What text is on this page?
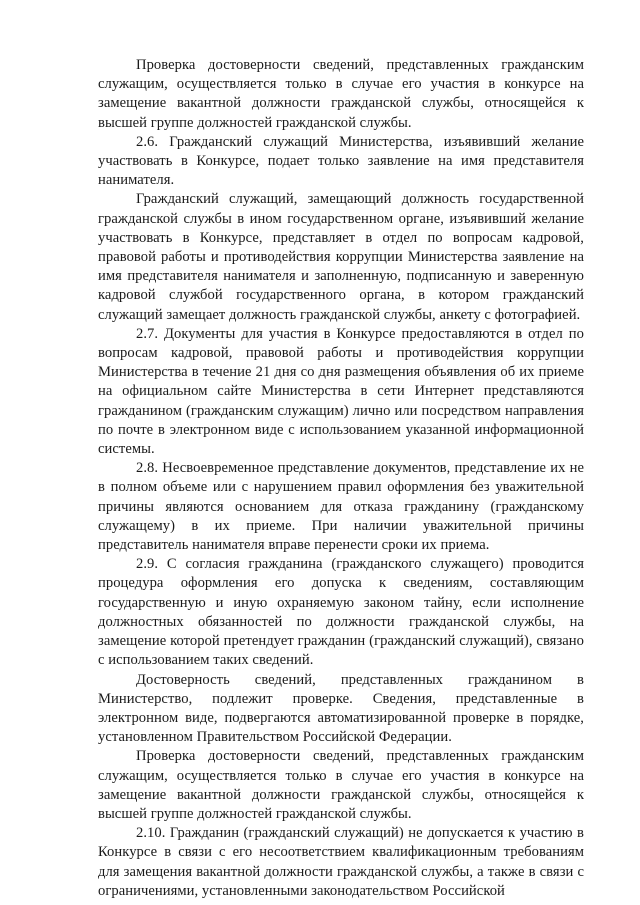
Проверка достоверности сведений, представленных гражданским служащим, осуществляется только в случае его участия в конкурсе на замещение вакантной должности гражданской службы, относящейся к высшей группе должностей гражданской службы.

2.6. Гражданский служащий Министерства, изъявивший желание участвовать в Конкурсе, подает только заявление на имя представителя нанимателя.

Гражданский служащий, замещающий должность государственной гражданской службы в ином государственном органе, изъявивший желание участвовать в Конкурсе, представляет в отдел по вопросам кадровой, правовой работы и противодействия коррупции Министерства заявление на имя представителя нанимателя и заполненную, подписанную и заверенную кадровой службой государственного органа, в котором гражданский служащий замещает должность гражданской службы, анкету с фотографией.

2.7. Документы для участия в Конкурсе предоставляются в отдел по вопросам кадровой, правовой работы и противодействия коррупции Министерства в течение 21 дня со дня размещения объявления об их приеме на официальном сайте Министерства в сети Интернет представляются гражданином (гражданским служащим) лично или посредством направления по почте в электронном виде с использованием указанной информационной системы.

2.8. Несвоевременное представление документов, представление их не в полном объеме или с нарушением правил оформления без уважительной причины являются основанием для отказа гражданину (гражданскому служащему) в их приеме. При наличии уважительной причины представитель нанимателя вправе перенести сроки их приема.

2.9. С согласия гражданина (гражданского служащего) проводится процедура оформления его допуска к сведениям, составляющим государственную и иную охраняемую законом тайну, если исполнение должностных обязанностей по должности гражданской службы, на замещение которой претендует гражданин (гражданский служащий), связано с использованием таких сведений.

Достоверность сведений, представленных гражданином в Министерство, подлежит проверке. Сведения, представленные в электронном виде, подвергаются автоматизированной проверке в порядке, установленном Правительством Российской Федерации.

Проверка достоверности сведений, представленных гражданским служащим, осуществляется только в случае его участия в конкурсе на замещение вакантной должности гражданской службы, относящейся к высшей группе должностей гражданской службы.

2.10. Гражданин (гражданский служащий) не допускается к участию в Конкурсе в связи с его несоответствием квалификационным требованиям для замещения вакантной должности гражданской службы, а также в связи с ограничениями, установленными законодательством Российской
